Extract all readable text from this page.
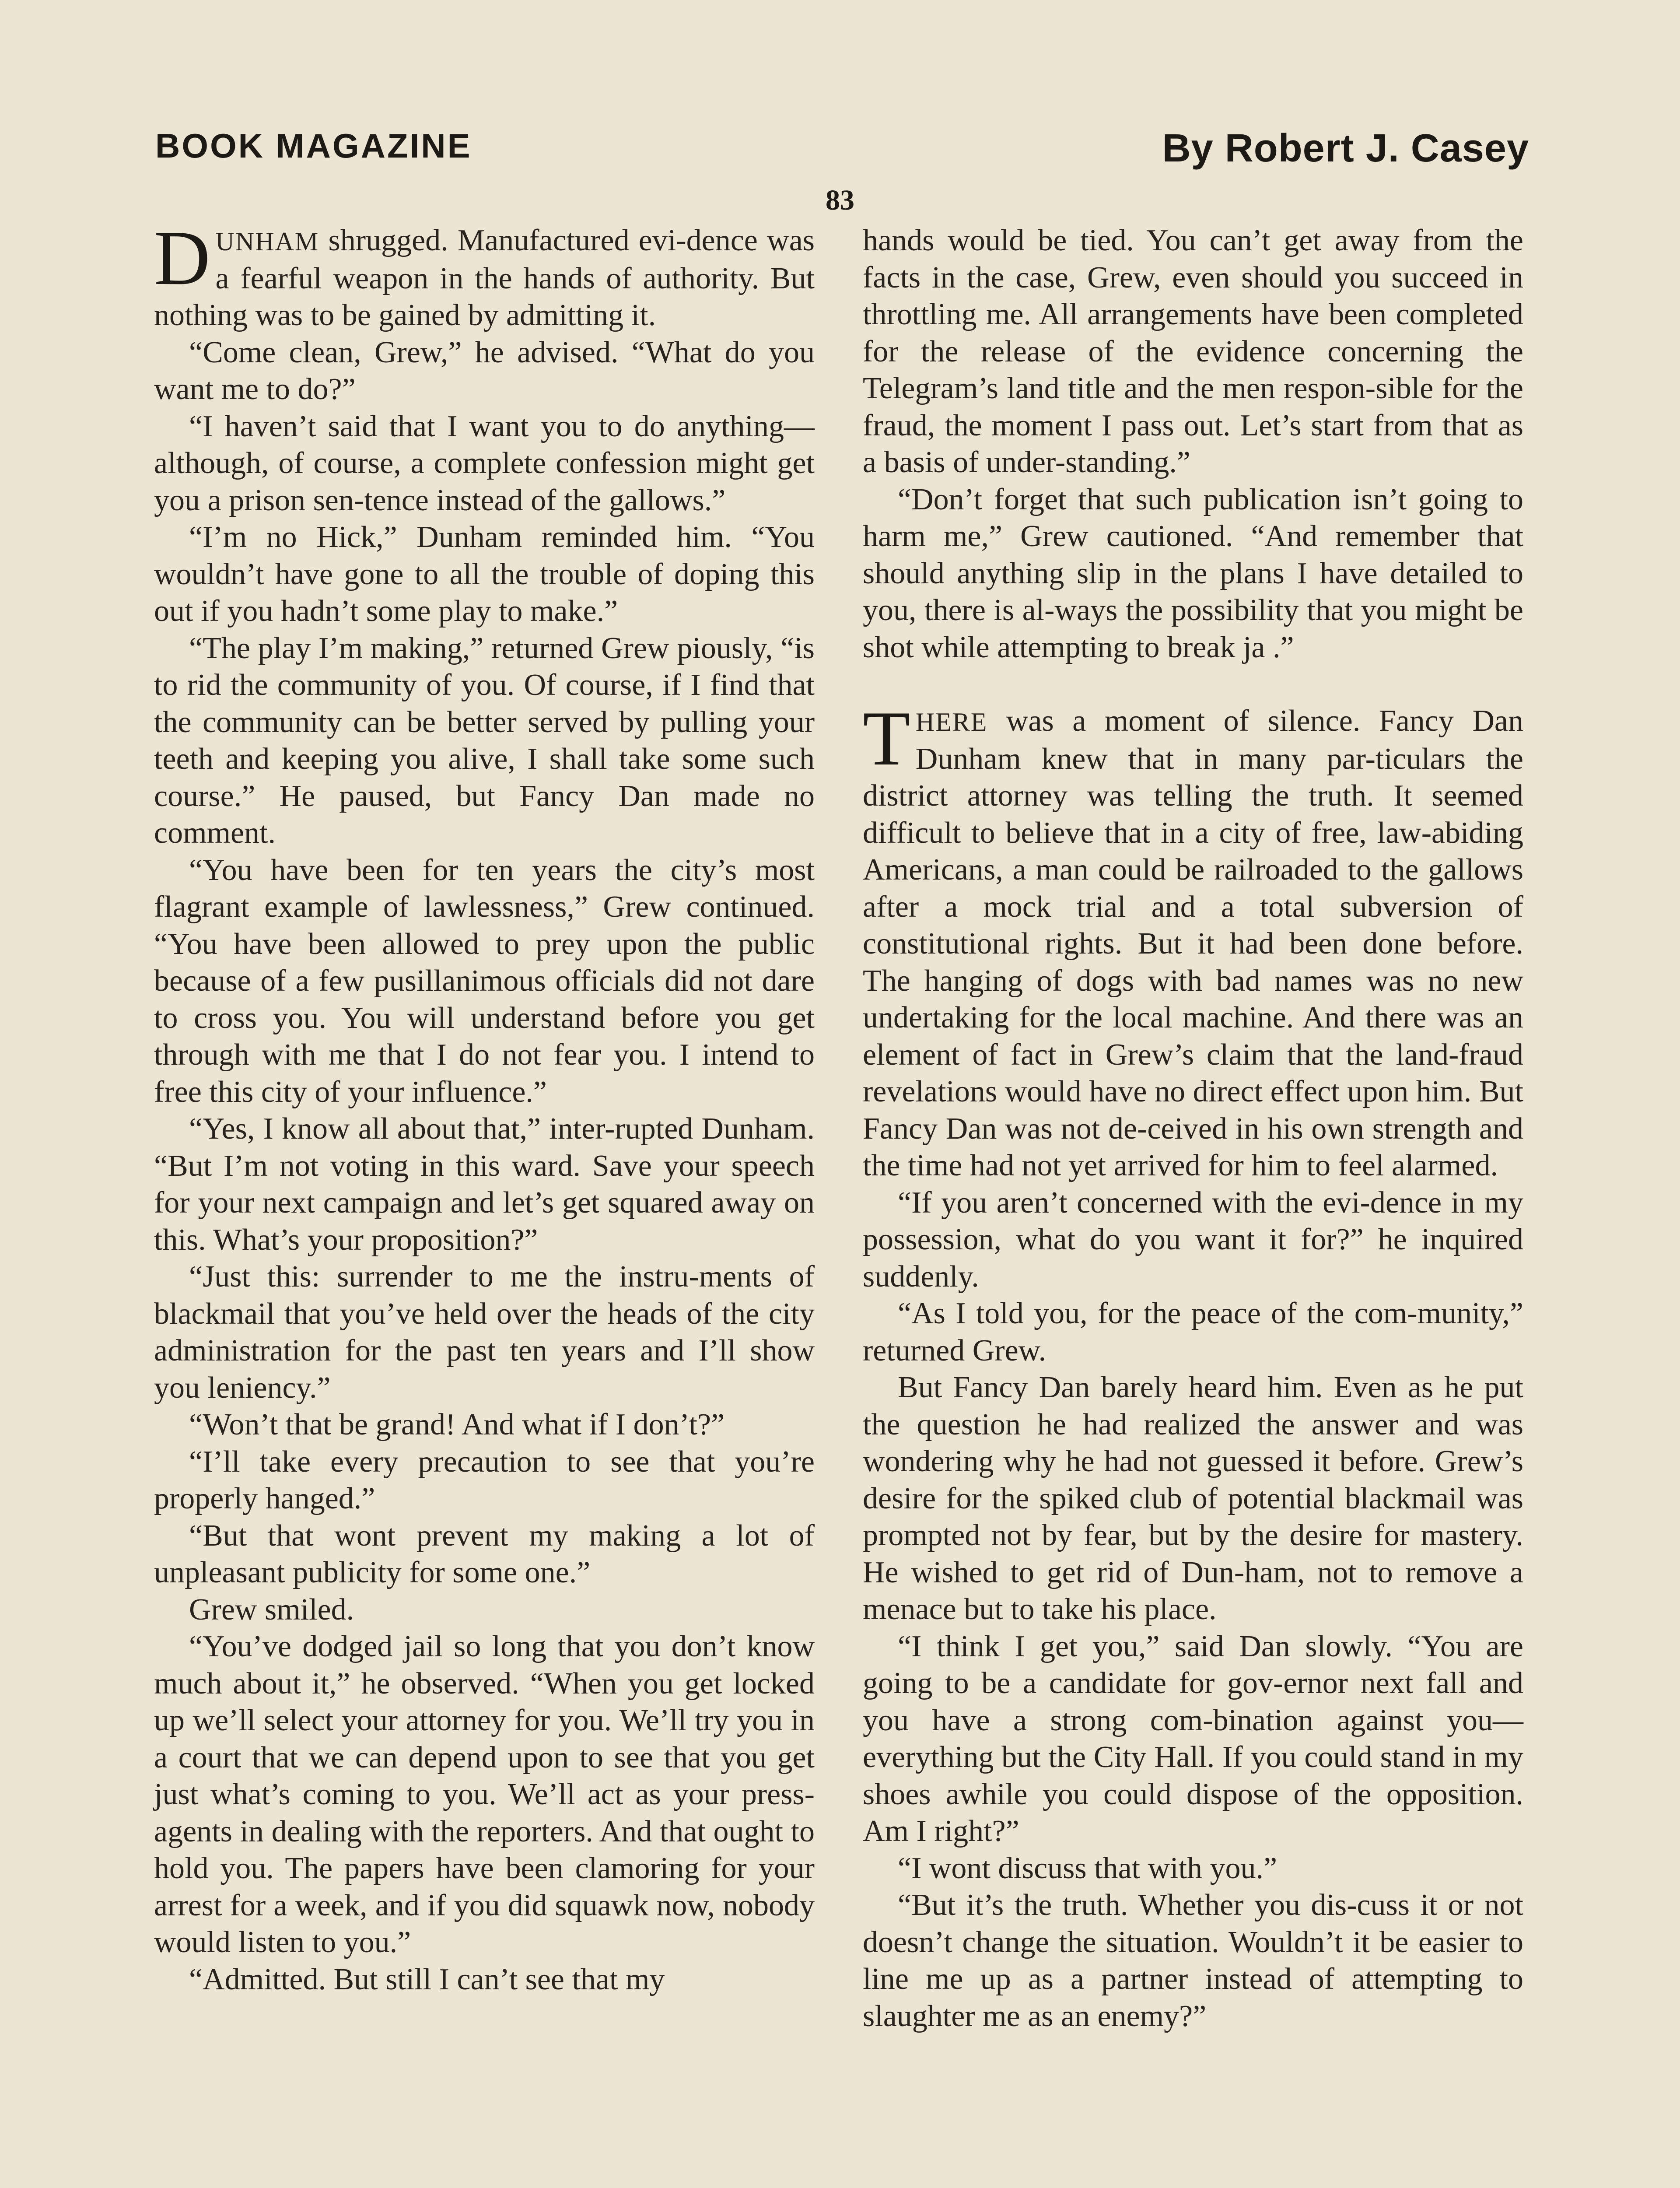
BOOK MAGAZINE	By Robert J. Casey
83

DUNHAM shrugged. Manufactured evi-dence was a fearful weapon in the hands of authority. But nothing was to be gained by admitting it.

“Come clean, Grew,” he advised. “What do you want me to do?”

“I haven’t said that I want you to do anything—although, of course, a complete confession might get you a prison sen-tence instead of the gallows.”

“I’m no Hick,” Dunham reminded him. “You wouldn’t have gone to all the trouble of doping this out if you hadn’t some play to make.”

“The play I’m making,” returned Grew piously, “is to rid the community of you. Of course, if I find that the community can be better served by pulling your teeth and keeping you alive, I shall take some such course.” He paused, but Fancy Dan made no comment.

“You have been for ten years the city’s most flagrant example of lawlessness,” Grew continued. “You have been allowed to prey upon the public because of a few pusillanimous officials did not dare to cross you. You will understand before you get through with me that I do not fear you. I intend to free this city of your influence.”

“Yes, I know all about that,” inter-rupted Dunham. “But I’m not voting in this ward. Save your speech for your next campaign and let’s get squared away on this. What’s your proposition?”

“Just this: surrender to me the instru-ments of blackmail that you’ve held over the heads of the city administration for the past ten years and I’ll show you leniency.”

“Won’t that be grand! And what if I don’t?”

“I’ll take every precaution to see that you’re properly hanged.”

“But that wont prevent my making a lot of unpleasant publicity for some one.”

Grew smiled.

“You’ve dodged jail so long that you don’t know much about it,” he observed. “When you get locked up we’ll select your attorney for you. We’ll try you in a court that we can depend upon to see that you get just what’s coming to you. We’ll act as your press-agents in dealing with the reporters. And that ought to hold you. The papers have been clamoring for your arrest for a week, and if you did squawk now, nobody would listen to you.”

“Admitted. But still I can’t see that my

hands would be tied. You can’t get away from the facts in the case, Grew, even should you succeed in throttling me. All arrangements have been completed for the release of the evidence concerning the Telegram’s land title and the men respon-sible for the fraud, the moment I pass out. Let’s start from that as a basis of under-standing.”

“Don’t forget that such publication isn’t going to harm me,” Grew cautioned. “And remember that should anything slip in the plans I have detailed to you, there is al-ways the possibility that you might be shot while attempting to break ja .”

THERE was a moment of silence. Fancy Dan Dunham knew that in many par-ticulars the district attorney was telling the truth. It seemed difficult to believe that in a city of free, law-abiding Americans, a man could be railroaded to the gallows after a mock trial and a total subversion of constitutional rights. But it had been done before. The hanging of dogs with bad names was no new undertaking for the local machine. And there was an element of fact in Grew’s claim that the land-fraud revelations would have no direct effect upon him. But Fancy Dan was not de-ceived in his own strength and the time had not yet arrived for him to feel alarmed.

“If you aren’t concerned with the evi-dence in my possession, what do you want it for?” he inquired suddenly.

“As I told you, for the peace of the com-munity,” returned Grew.

But Fancy Dan barely heard him. Even as he put the question he had realized the answer and was wondering why he had not guessed it before. Grew’s desire for the spiked club of potential blackmail was prompted not by fear, but by the desire for mastery. He wished to get rid of Dun-ham, not to remove a menace but to take his place.

“I think I get you,” said Dan slowly. “You are going to be a candidate for gov-ernor next fall and you have a strong com-bination against you—everything but the City Hall. If you could stand in my shoes awhile you could dispose of the opposition. Am I right?”

“I wont discuss that with you.”

“But it’s the truth. Whether you dis-cuss it or not doesn’t change the situation. Wouldn’t it be easier to line me up as a partner instead of attempting to slaughter me as an enemy?”
